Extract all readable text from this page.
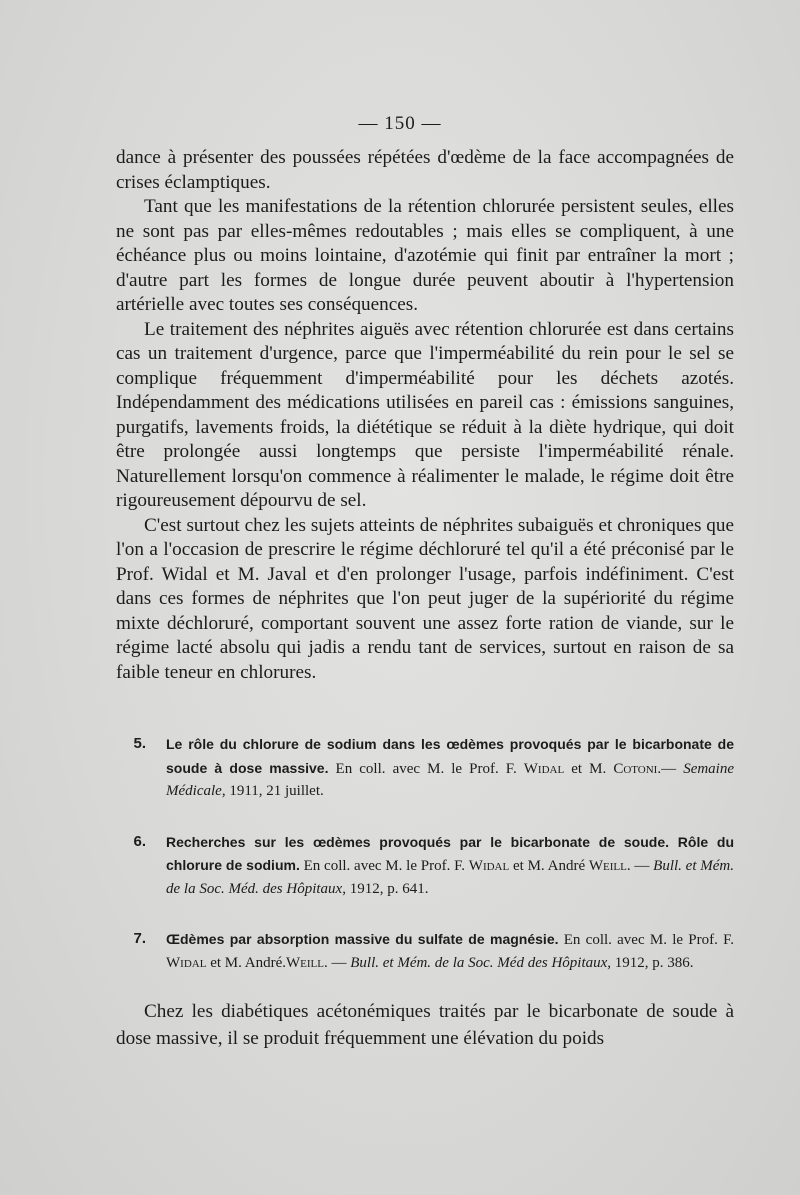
— 150 —

dance à présenter des poussées répétées d'œdème de la face accompagnées de crises éclamptiques.

Tant que les manifestations de la rétention chlorurée persistent seules, elles ne sont pas par elles-mêmes redoutables ; mais elles se compliquent, à une échéance plus ou moins lointaine, d'azotémie qui finit par entraîner la mort ; d'autre part les formes de longue durée peuvent aboutir à l'hypertension artérielle avec toutes ses conséquences.

Le traitement des néphrites aiguës avec rétention chlorurée est dans certains cas un traitement d'urgence, parce que l'imperméabilité du rein pour le sel se complique fréquemment d'imperméabilité pour les déchets azotés. Indépendamment des médications utilisées en pareil cas : émissions sanguines, purgatifs, lavements froids, la diététique se réduit à la diète hydrique, qui doit être prolongée aussi longtemps que persiste l'imperméabilité rénale. Naturellement lorsqu'on commence à réalimenter le malade, le régime doit être rigoureusement dépourvu de sel.

C'est surtout chez les sujets atteints de néphrites subaiguës et chroniques que l'on a l'occasion de prescrire le régime déchloruré tel qu'il a été préconisé par le Prof. Widal et M. Javal et d'en prolonger l'usage, parfois indéfiniment. C'est dans ces formes de néphrites que l'on peut juger de la supériorité du régime mixte déchloruré, comportant souvent une assez forte ration de viande, sur le régime lacté absolu qui jadis a rendu tant de services, surtout en raison de sa faible teneur en chlorures.

5. Le rôle du chlorure de sodium dans les œdèmes provoqués par le bicarbonate de soude à dose massive. En coll. avec M. le Prof. F. Widal et M. Cotoni.— Semaine Médicale, 1911, 21 juillet.
6. Recherches sur les œdèmes provoqués par le bicarbonate de soude. Rôle du chlorure de sodium. En coll. avec M. le Prof. F. Widal et M. André Weill. — Bull. et Mém. de la Soc. Méd. des Hôpitaux, 1912, p. 641.
7. Œdèmes par absorption massive du sulfate de magnésie. En coll. avec M. le Prof. F. Widal et M. André.Weill. — Bull. et Mém. de la Soc. Méd des Hôpitaux, 1912, p. 386.

Chez les diabétiques acétonémiques traités par le bicarbonate de soude à dose massive, il se produit fréquemment une élévation du poids
